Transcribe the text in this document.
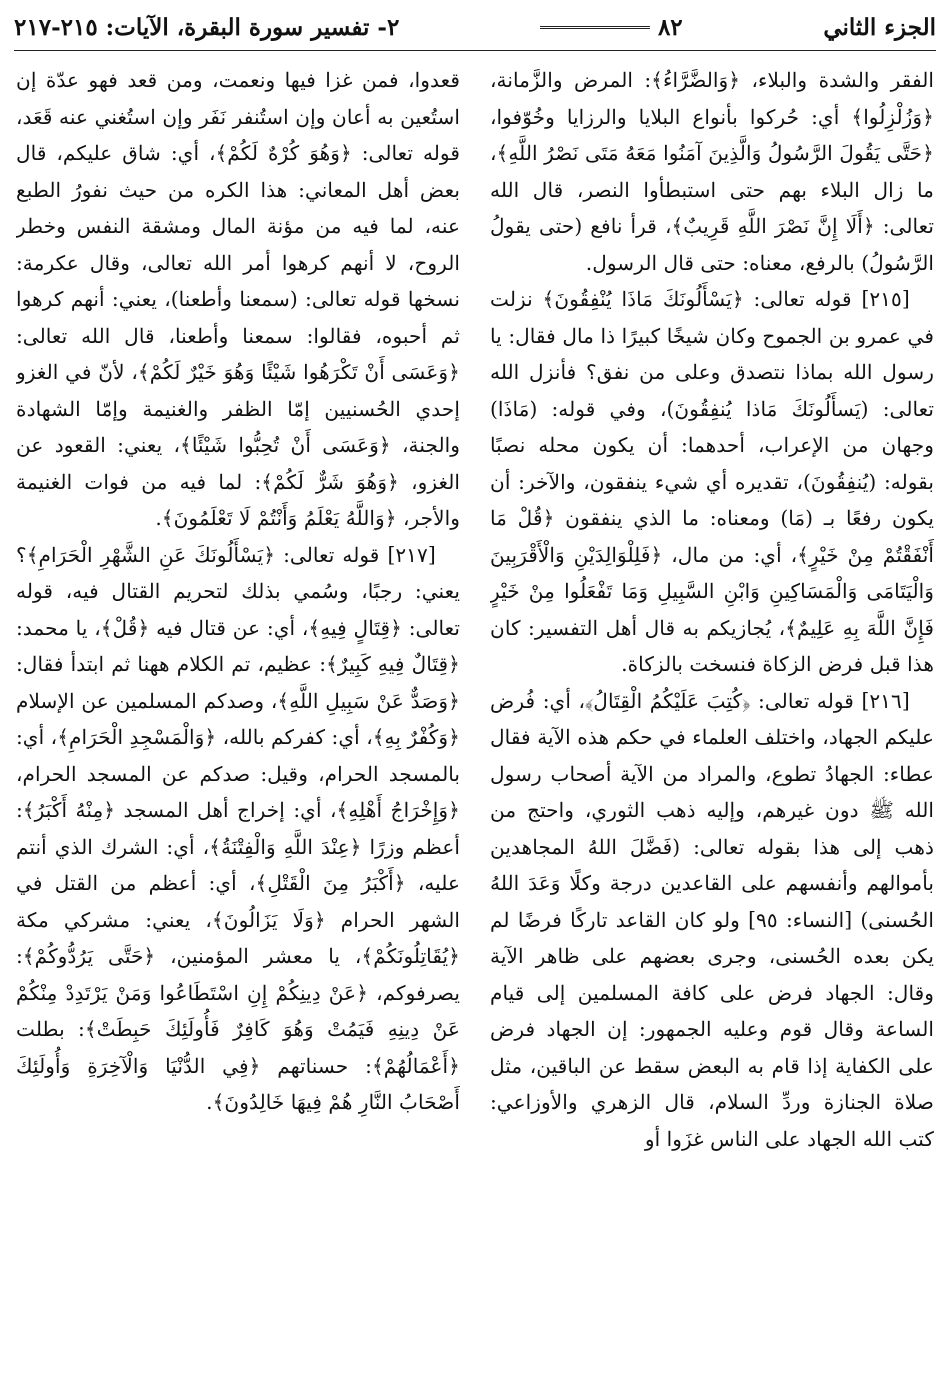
الجزء الثاني
٨٢
٢- تفسير سورة البقرة، الآيات: ٢١٥-٢١٧

الفقر والشدة والبلاء، ﴿وَالضَّرَّاءُ﴾: المرض والزَّمانة، ﴿وَزُلْزِلُوا﴾ أي: حُركوا بأنواع البلايا والرزايا وخُوّفوا، ﴿حَتَّى يَقُولَ الرَّسُولُ وَالَّذِينَ آمَنُوا مَعَهُ مَتَى نَصْرُ اللَّهِ﴾، ما زال البلاء بهم حتى استبطأوا النصر، قال الله تعالى: ﴿أَلَا إِنَّ نَصْرَ اللَّهِ قَرِيبٌ﴾، قرأ نافع (حتى يقولُ الرَّسُولُ) بالرفع، معناه: حتى قال الرسول.

[٢١٥] قوله تعالى: ﴿يَسْأَلُونَكَ مَاذَا يُنْفِقُونَ﴾ نزلت في عمرو بن الجموح وكان شيخًا كبيرًا ذا مال فقال: يا رسول الله بماذا نتصدق وعلى من نفق؟ فأنزل الله تعالى: (يَسأَلُونَكَ مَاذا يُنفِقُونَ)، وفي قوله: (مَاذَا) وجهان من الإعراب، أحدهما: أن يكون محله نصبًا بقوله: (يُنفِقُونَ)، تقديره أي شيء ينفقون، والآخر: أن يكون رفعًا بـ (مَا) ومعناه: ما الذي ينفقون ﴿قُلْ مَا أَنْفَقْتُمْ مِنْ خَيْرٍ﴾، أي: من مال، ﴿فَلِلْوَالِدَيْنِ وَالْأَقْرَبِينَ وَالْيَتَامَى وَالْمَسَاكِينِ وَابْنِ السَّبِيلِ وَمَا تَفْعَلُوا مِنْ خَيْرٍ فَإِنَّ اللَّهَ بِهِ عَلِيمٌ﴾، يُجازيكم به قال أهل التفسير: كان هذا قبل فرض الزكاة فنسخت بالزكاة.

[٢١٦] قوله تعالى: ﴿كُتِبَ عَلَيْكُمُ الْقِتَالُ﴾، أي: فُرض عليكم الجهاد، واختلف العلماء في حكم هذه الآية فقال عطاء: الجهادُ تطوع، والمراد من الآية أصحاب رسول الله ﷺ دون غيرهم، وإليه ذهب الثوري، واحتج من ذهب إلى هذا بقوله تعالى: (فَضَّلَ اللهُ المجاهدين بأموالهم وأنفسهم على القاعدين درجة وكلًا وَعَدَ اللهُ الحُسنى) [النساء: ٩٥] ولو كان القاعد تاركًا فرضًا لم يكن بعده الحُسنى، وجرى بعضهم على ظاهر الآية وقال: الجهاد فرض على كافة المسلمين إلى قيام الساعة وقال قوم وعليه الجمهور: إن الجهاد فرض على الكفاية إذا قام به البعض سقط عن الباقين، مثل صلاة الجنازة وردِّ السلام، قال الزهري والأوزاعي: كتب الله الجهاد على الناس غزَوا أو

قعدوا، فمن غزا فيها ونعمت، ومن قعد فهو عدّة إن استُعين به أعان وإن استُنفر نَفَر وإن استُغني عنه قَعَد، قوله تعالى: ﴿وَهُوَ كُرْهٌ لَكُمْ﴾، أي: شاق عليكم، قال بعض أهل المعاني: هذا الكره من حيث نفورُ الطبع عنه، لما فيه من مؤنة المال ومشقة النفس وخطر الروح، لا أنهم كرهوا أمر الله تعالى، وقال عكرمة: نسخها قوله تعالى: (سمعنا وأطعنا)، يعني: أنهم كرهوا ثم أحبوه، فقالوا: سمعنا وأطعنا، قال الله تعالى: ﴿وَعَسَى أَنْ تَكْرَهُوا شَيْئًا وَهُوَ خَيْرٌ لَكُمْ﴾، لأنّ في الغزو إحدي الحُسنيين إمّا الظفر والغنيمة وإمّا الشهادة والجنة، ﴿وَعَسَى أَنْ تُحِبُّوا شَيْئًا﴾، يعني: القعود عن الغزو، ﴿وَهُوَ شَرٌّ لَكُمْ﴾: لما فيه من فوات الغنيمة والأجر، ﴿وَاللَّهُ يَعْلَمُ وَأَنْتُمْ لَا تَعْلَمُونَ﴾.

[٢١٧] قوله تعالى: ﴿يَسْأَلُونَكَ عَنِ الشَّهْرِ الْحَرَامِ﴾؟ يعني: رجبًا، وسُمي بذلك لتحريم القتال فيه، قوله تعالى: ﴿قِتَالٍ فِيهِ﴾، أي: عن قتال فيه ﴿قُلْ﴾، يا محمد: ﴿قِتَالٌ فِيهِ كَبِيرٌ﴾: عظيم، تم الكلام ههنا ثم ابتدأ فقال: ﴿وَصَدٌّ عَنْ سَبِيلِ اللَّهِ﴾، وصدكم المسلمين عن الإسلام ﴿وَكُفْرٌ بِهِ﴾، أي: كفركم بالله، ﴿وَالْمَسْجِدِ الْحَرَامِ﴾، أي: بالمسجد الحرام، وقيل: صدكم عن المسجد الحرام، ﴿وَإِخْرَاجُ أَهْلِهِ﴾، أي: إخراج أهل المسجد ﴿مِنْهُ أَكْبَرُ﴾: أعظم وزرًا ﴿عِنْدَ اللَّهِ وَالْفِتْنَةُ﴾، أي: الشرك الذي أنتم عليه، ﴿أَكْبَرُ مِنَ الْقَتْلِ﴾، أي: أعظم من القتل في الشهر الحرام ﴿وَلَا يَزَالُونَ﴾، يعني: مشركي مكة ﴿يُقَاتِلُونَكُمْ﴾، يا معشر المؤمنين، ﴿حَتَّى يَرُدُّوكُمْ﴾: يصرفوكم، ﴿عَنْ دِينِكُمْ إِنِ اسْتَطَاعُوا وَمَنْ يَرْتَدِدْ مِنْكُمْ عَنْ دِينِهِ فَيَمُتْ وَهُوَ كَافِرٌ فَأُولَئِكَ حَبِطَتْ﴾: بطلت ﴿أَعْمَالُهُمْ﴾: حسناتهم ﴿فِي الدُّنْيَا وَالْآخِرَةِ وَأُولَئِكَ أَصْحَابُ النَّارِ هُمْ فِيهَا خَالِدُونَ﴾.
